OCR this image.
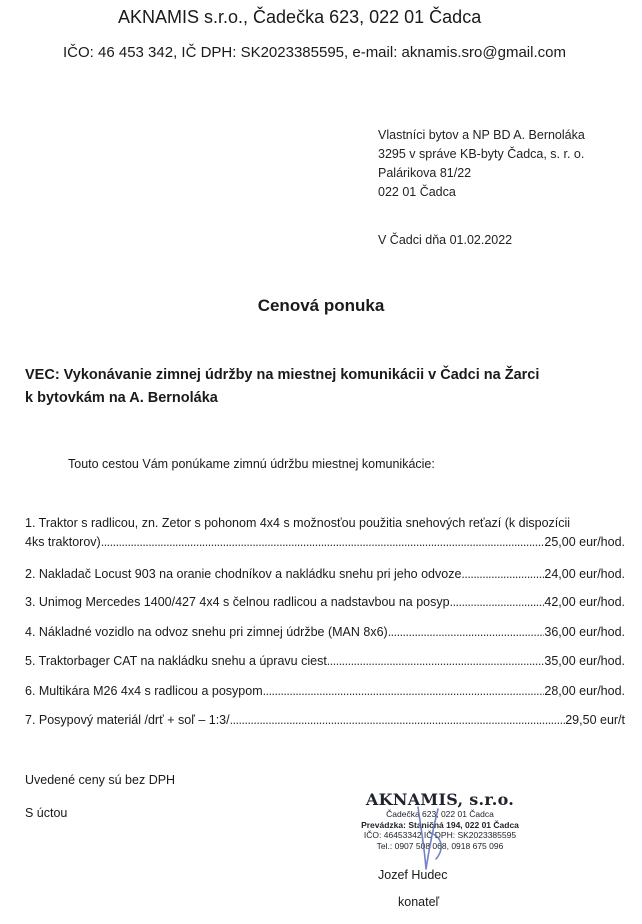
AKNAMIS s.r.o., Čadečka 623, 022 01 Čadca
IČO: 46 453 342, IČ DPH: SK2023385595, e-mail: aknamis.sro@gmail.com
Vlastníci bytov a NP BD A. Bernoláka
3295 v správe KB-byty Čadca, s. r. o.
Palárikova 81/22
022 01 Čadca
V Čadci dňa 01.02.2022
Cenová ponuka
VEC: Vykonávanie zimnej údržby na miestnej komunikácii v Čadci na Žarci
k bytovkám na A. Bernoláka
Touto cestou Vám ponúkame zimnú údržbu miestnej komunikácie:
1. Traktor s radlicou, zn. Zetor s pohonom 4x4 s možnosťou použitia snehových reťazí (k dispozícii
4ks traktorov) .....	25,00 eur/hod.
2. Nakladač Locust 903 na oranie chodníkov a nakládku snehu pri jeho odvoze .....	24,00 eur/hod.
3. Unimog Mercedes 1400/427 4x4 s čelnou radlicou a nadstavbou na posyp .....	42,00 eur/hod.
4. Nákladné vozidlo na odvoz snehu pri zimnej údržbe (MAN 8x6) .....	36,00 eur/hod.
5. Traktorbager CAT na nakládku snehu a úpravu ciest .....	35,00 eur/hod.
6. Multikára M26 4x4 s radlicou a posypom .....	28,00 eur/hod.
7. Posypový materiál /drť + soľ – 1:3/ .....	29,50 eur/t
Uvedené ceny sú bez DPH
S úctou
AKNAMIS, s.r.o.
Čadečka 623, 022 01 Čadca
Prevádzka: Staničná 194, 022 01 Čadca
IČO: 46453342 IČ DPH: SK2023385595
Tel.: 0907 508 068, 0918 675 096
Jozef Hudec
konateľ
